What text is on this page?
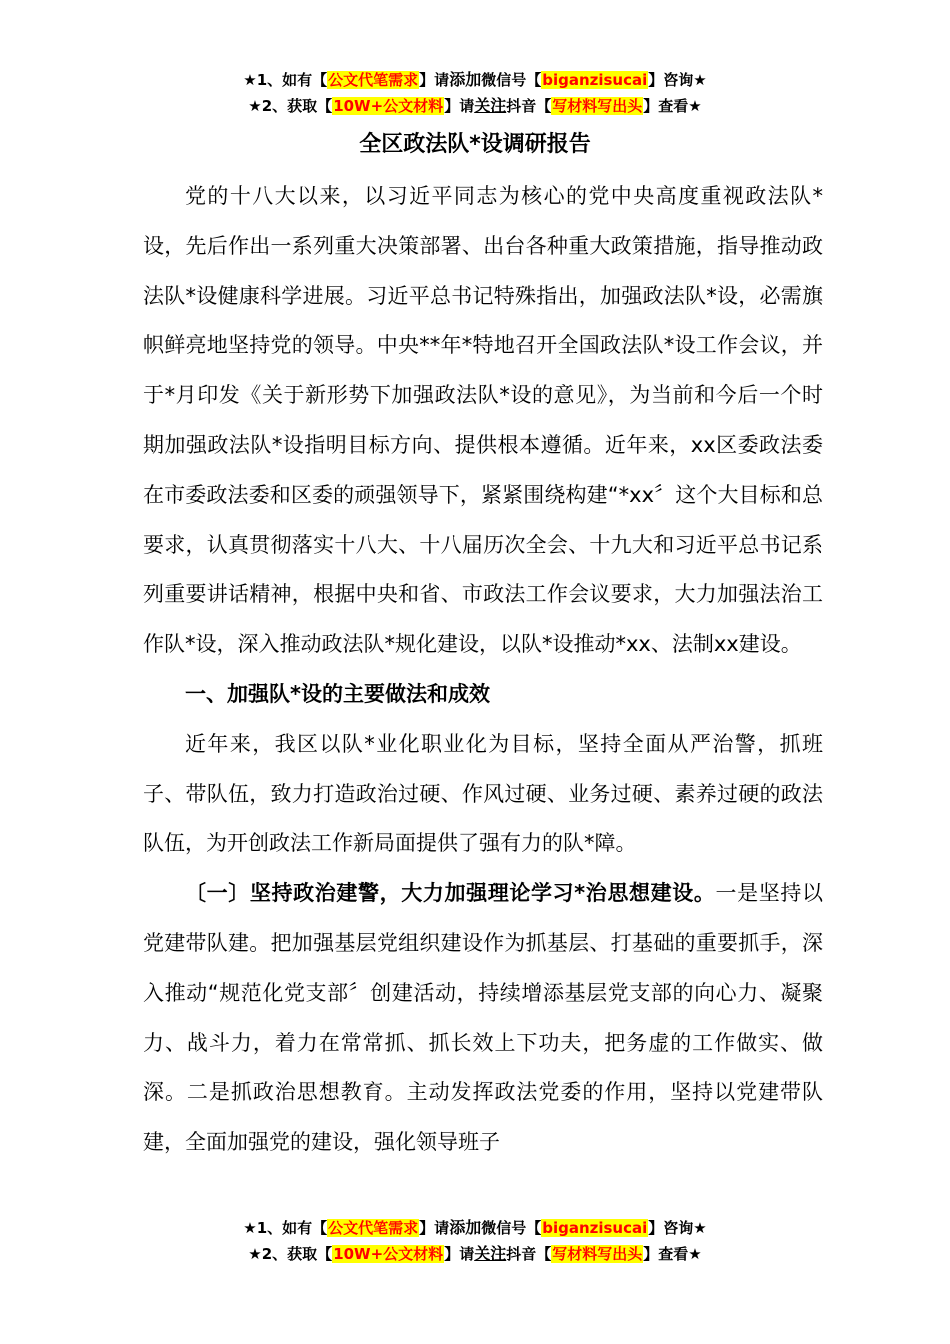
★1、如有【公文代笔需求】请添加微信号【biganzisucai】咨询★
★2、获取【10W+公文材料】请关注抖音【写材料写出头】查看★
全区政法队*设调研报告

党的十八大以来，以习近平同志为核心的党中央高度重视政法队*设，先后作出一系列重大决策部署、出台各种重大政策措施，指导推动政法队*设健康科学进展。习近平总书记特殊指出，加强政法队*设，必需旗帜鲜亮地坚持党的领导。中央**年*特地召开全国政法队*设工作会议，并于*月印发《关于新形势下加强政法队*设的意见》，为当前和今后一个时期加强政法队*设指明目标方向、提供根本遵循。近年来，xx区委政法委在市委政法委和区委的顽强领导下，紧紧围绕构建“*xx〞这个大目标和总要求，认真贯彻落实十八大、十八届历次全会、十九大和习近平总书记系列重要讲话精神，根据中央和省、市政法工作会议要求，大力加强法治工作队*设，深入推动政法队*规化建设，以队*设推动*xx、法制xx建设。

一、加强队*设的主要做法和成效

近年来，我区以队*业化职业化为目标，坚持全面从严治警，抓班子、带队伍，致力打造政治过硬、作风过硬、业务过硬、素养过硬的政法队伍，为开创政法工作新局面提供了强有力的队*障。

〔一〕坚持政治建警，大力加强理论学习*治思想建设。一是坚持以党建带队建。把加强基层党组织建设作为抓基层、打基础的重要抓手，深入推动“规范化党支部〞创建活动，持续增添基层党支部的向心力、凝聚力、战斗力，着力在常常抓、抓长效上下功夫，把务虚的工作做实、做深。二是抓政治思想教育。主动发挥政法党委的作用，坚持以党建带队建，全面加强党的建设，强化领导班子

★1、如有【公文代笔需求】请添加微信号【biganzisucai】咨询★
★2、获取【10W+公文材料】请关注抖音【写材料写出头】查看★
